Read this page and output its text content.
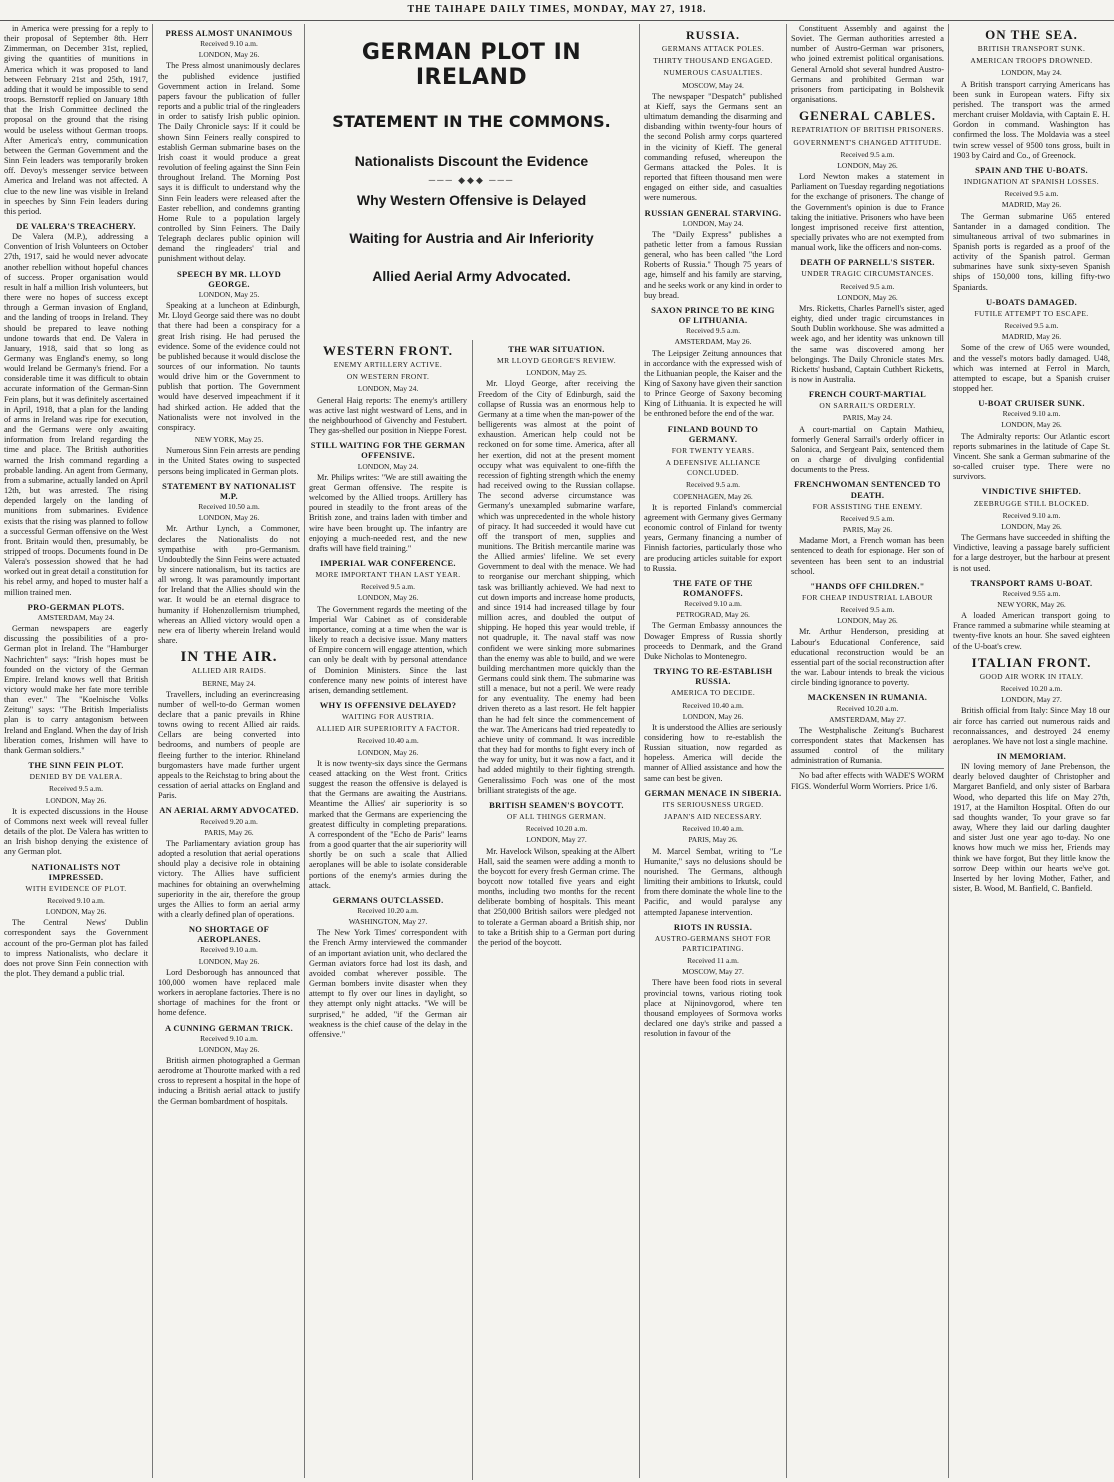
THE TAIHAPE DAILY TIMES, MONDAY, MAY 27, 1918.

in America were pressing for a reply to their proposal of September 8th. Herr Zimmerman, on December 31st, replied, giving the quantities of munitions in America which it was proposed to land between February 21st and 25th, 1917, adding that it would be impossible to send troops. Bernstorff replied on January 18th that the Irish Committee declined the proposal on the ground that the rising would be useless without German troops. After America's entry, communication between the German Government and the Sinn Fein leaders was temporarily broken off. Devoy's messenger service between America and Ireland was not affected. A clue to the new line was visible in Ireland in speeches by Sinn Fein leaders during this period.

DE VALERA'S TREACHERY.

De Valera (M.P.), addressing a Convention of Irish Volunteers on October 27th, 1917, said he would never advocate another rebellion without hopeful chances of success. Proper organisation would result in half a million Irish volunteers, but there were no hopes of success except through a German invasion of England, and the landing of troops in Ireland. They should be prepared to leave nothing undone towards that end. De Valera in January, 1918, said that so long as Germany was England's enemy, so long would Ireland be Germany's friend. For a considerable time it was difficult to obtain accurate information of the German-Sinn Fein plans, but it was definitely ascertained in April, 1918, that a plan for the landing of arms in Ireland was ripe for execution, and the Germans were only awaiting information from Ireland regarding the time and place. The British authorities warned the Irish command regarding a probable landing. An agent from Germany, from a submarine, actually landed on April 12th, but was arrested. The rising depended largely on the landing of munitions from submarines. Evidence exists that the rising was planned to follow a successful German offensive on the West front. Britain would then, presumably, be stripped of troops. Documents found in De Valera's possession showed that he had worked out in great detail a constitution for his rebel army, and hoped to muster half a million trained men.

PRO-GERMAN PLOTS.
AMSTERDAM, May 24.

German newspapers are eagerly discussing the possibilities of a pro-German plot in Ireland. The "Hamburger Nachrichten" says: "Irish hopes must be founded on the victory of the German Empire. Ireland knows well that British victory would make her fate more terrible than ever." The "Koelnische Volks Zeitung" says: "The British Imperialists plan is to carry antagonism between Ireland and England. When the day of Irish liberation comes, Irishmen will have to thank German soldiers."

THE SINN FEIN PLOT.
DENIED BY DE VALERA.
Received 9.5 a.m.
LONDON, May 26.

It is expected discussions in the House of Commons next week will reveal fuller details of the plot. De Valera has written to an Irish bishop denying the existence of any German plot.

NATIONALISTS NOT IMPRESSED.
WITH EVIDENCE OF PLOT.
Received 9.10 a.m.
LONDON, May 26.

The Central News' Dublin correspondent says the Government account of the pro-German plot has failed to impress Nationalists, who declare it does not prove Sinn Fein connection with the plot. They demand a public trial.

PRESS ALMOST UNANIMOUS
Received 9.10 a.m.
LONDON, May 26.

The Press almost unanimously declares the published evidence justified Government action in Ireland. Some papers favour the publication of fuller reports and a public trial of the ringleaders in order to satisfy Irish public opinion. The Daily Chronicle says: If it could be shown Sinn Feiners really conspired to establish German submarine bases on the Irish coast it would produce a great revolution of feeling against the Sinn Fein throughout Ireland. The Morning Post says it is difficult to understand why the Sinn Fein leaders were released after the Easter rebellion, and condemns granting Home Rule to a population largely controlled by Sinn Feiners. The Daily Telegraph declares public opinion will demand the ringleaders' trial and punishment without delay.

SPEECH BY MR. LLOYD GEORGE.
LONDON, May 25.

Speaking at a luncheon at Edinburgh, Mr. Lloyd George said there was no doubt that there had been a conspiracy for a great Irish rising. He had perused the evidence. Some of the evidence could not be published because it would disclose the sources of our information. No taunts would drive him or the Government to publish that portion. The Government would have deserved impeachment if it had shirked action. He added that the Nationalists were not involved in the conspiracy.

NEW YORK, May 25.

Numerous Sinn Fein arrests are pending in the United States owing to suspected persons being implicated in German plots.

STATEMENT BY NATIONALIST M.P.
Received 10.50 a.m.
LONDON, May 26.

Mr. Arthur Lynch, a Commoner, declares the Nationalists do not sympathise with pro-Germanism. Undoubtedly the Sinn Feins were actuated by sincere nationalism, but its tactics are all wrong. It was paramountly important for Ireland that the Allies should win the war. It would be an eternal disgrace to humanity if Hohenzollernism triumphed, whereas an Allied victory would open a new era of liberty wherein Ireland would share.

IN THE AIR.
ALLIED AIR RAIDS.
BERNE, May 24.

Travellers, including an everincreasing number of well-to-do German women declare that a panic prevails in Rhine towns owing to recent Allied air raids. Cellars are being converted into bedrooms, and numbers of people are fleeing further to the interior. Rhineland burgomasters have made further urgent appeals to the Reichstag to bring about the cessation of aerial attacks on England and Paris.

AN AERIAL ARMY ADVOCATED.
Received 9.20 a.m.
PARIS, May 26.

The Parliamentary aviation group has adopted a resolution that aerial operations should play a decisive role in obtaining victory. The Allies have sufficient machines for obtaining an overwhelming superiority in the air, therefore the group urges the Allies to form an aerial army with a clearly defined plan of operations.

NO SHORTAGE OF AEROPLANES.
Received 9.10 a.m.
LONDON, May 26.

Lord Desborough has announced that 100,000 women have replaced male workers in aeroplane factories. There is no shortage of machines for the front or home defence.

A CUNNING GERMAN TRICK.
Received 9.10 a.m.
LONDON, May 26.

British airmen photographed a German aerodrome at Thourotte marked with a red cross to represent a hospital in the hope of inducing a British aerial attack to justify the German bombardment of hospitals.

GERMAN PLOT IN IRELAND
STATEMENT IN THE COMMONS.
Nationalists Discount the Evidence
─── ◆◆◆ ───
Why Western Offensive is Delayed
Waiting for Austria and Air Inferiority
Allied Aerial Army Advocated.
WESTERN FRONT.
ENEMY ARTILLERY ACTIVE.
ON WESTERN FRONT.
LONDON, May 24.

General Haig reports: The enemy's artillery was active last night westward of Lens, and in the neighbourhood of Givenchy and Festubert. They gas-shelled our position in Nieppe Forest.

STILL WAITING FOR THE GERMAN OFFENSIVE.
LONDON, May 24.

Mr. Philips writes: "We are still awaiting the great German offensive. The respite is welcomed by the Allied troops. Artillery has poured in steadily to the front areas of the British zone, and trains laden with timber and wire have been brought up. The infantry are enjoying a much-needed rest, and the new drafts will have field training."

IMPERIAL WAR CONFERENCE.
MORE IMPORTANT THAN LAST YEAR.
Received 9.5 a.m.
LONDON, May 26.

The Government regards the meeting of the Imperial War Cabinet as of considerable importance, coming at a time when the war is likely to reach a decisive issue. Many matters of Empire concern will engage attention, which can only be dealt with by personal attendance of Dominion Ministers. Since the last conference many new points of interest have arisen, demanding settlement.

WHY IS OFFENSIVE DELAYED?
WAITING FOR AUSTRIA.
ALLIED AIR SUPERIORITY A FACTOR.
Received 10.40 a.m.
LONDON, May 26.

It is now twenty-six days since the Germans ceased attacking on the West front. Critics suggest the reason the offensive is delayed is that the Germans are awaiting the Austrians. Meantime the Allies' air superiority is so marked that the Germans are experiencing the greatest difficulty in completing preparations. A correspondent of the "Echo de Paris" learns from a good quarter that the air superiority will shortly be on such a scale that Allied aeroplanes will be able to isolate considerable portions of the enemy's armies during the attack.

GERMANS OUTCLASSED.
Received 10.20 a.m.
WASHINGTON, May 27.

The New York Times' correspondent with the French Army interviewed the commander of an important aviation unit, who declared the German aviators force had lost its dash, and avoided combat wherever possible. The German bombers invite disaster when they attempt to fly over our lines in daylight, so they attempt only night attacks. "We will be surprised," he added, "if the German air weakness is the chief cause of the delay in the offensive."

THE WAR SITUATION.
MR LLOYD GEORGE'S REVIEW.
LONDON, May 25.

Mr. Lloyd George, after receiving the Freedom of the City of Edinburgh, said the collapse of Russia was an enormous help to Germany at a time when the man-power of the belligerents was almost at the point of exhaustion. American help could not be reckoned on for some time. America, after all her exertion, did not at the present moment occupy what was equivalent to one-fifth the recession of fighting strength which the enemy had received owing to the Russian collapse. The second adverse circumstance was Germany's unexampled submarine warfare, which was unprecedented in the whole history of piracy. It had succeeded it would have cut off the transport of men, supplies and munitions. The British mercantile marine was the Allied armies' lifeline. We set every Government to deal with the menace. We had to reorganise our merchant shipping, which task was brilliantly achieved. We had next to cut down imports and increase home products, and since 1914 had increased tillage by four million acres, and doubled the output of shipping. He hoped this year would treble, if not quadruple, it. The naval staff was now confident we were sinking more submarines than the enemy was able to build, and we were building merchantmen more quickly than the Germans could sink them. The submarine was still a menace, but not a peril. We were ready for any eventuality. The enemy had been driven thereto as a last resort. He felt happier than he had felt since the commencement of the war. The Americans had tried repeatedly to achieve unity of command. It was incredible that they had for months to fight every inch of the way for unity, but it was now a fact, and it had added mightily to their fighting strength. Generalissimo Foch was one of the most brilliant strategists of the age.

BRITISH SEAMEN'S BOYCOTT.
OF ALL THINGS GERMAN.
Received 10.20 a.m.
LONDON, May 27.

Mr. Havelock Wilson, speaking at the Albert Hall, said the seamen were adding a month to the boycott for every fresh German crime. The boycott now totalled five years and eight months, including two months for the recent deliberate bombing of hospitals. This meant that 250,000 British sailors were pledged not to tolerate a German aboard a British ship, nor to take a British ship to a German port during the period of the boycott.

RUSSIA.
GERMANS ATTACK POLES.
THIRTY THOUSAND ENGAGED.
NUMEROUS CASUALTIES.
MOSCOW, May 24.

The newspaper "Despatch" published at Kieff, says the Germans sent an ultimatum demanding the disarming and disbanding within twenty-four hours of the second Polish army corps quartered in the vicinity of Kieff. The general commanding refused, whereupon the Germans attacked the Poles. It is reported that fifteen thousand men were engaged on either side, and casualties were numerous.

RUSSIAN GENERAL STARVING.
LONDON, May 24.

The "Daily Express" publishes a pathetic letter from a famous Russian general, who has been called "the Lord Roberts of Russia." Though 75 years of age, himself and his family are starving, and he seeks work or any kind in order to buy bread.

SAXON PRINCE TO BE KING OF LITHUANIA.
Received 9.5 a.m.
AMSTERDAM, May 26.

The Leipsiger Zeitung announces that in accordance with the expressed wish of the Lithuanian people, the Kaiser and the King of Saxony have given their sanction to Prince George of Saxony becoming King of Lithuania. It is expected he will be enthroned before the end of the war.

FINLAND BOUND TO GERMANY.
FOR TWENTY YEARS.
A DEFENSIVE ALLIANCE CONCLUDED.
Received 9.5 a.m.
COPENHAGEN, May 26.

It is reported Finland's commercial agreement with Germany gives Germany economic control of Finland for twenty years, Germany financing a number of Finnish factories, particularly those who are producing articles suitable for export to Russia.

THE FATE OF THE ROMANOFFS.
Received 9.10 a.m.
PETROGRAD, May 26.

The German Embassy announces the Dowager Empress of Russia shortly proceeds to Denmark, and the Grand Duke Nicholas to Montenegro.

TRYING TO RE-ESTABLISH RUSSIA.
AMERICA TO DECIDE.
Received 10.40 a.m.
LONDON, May 26.

It is understood the Allies are seriously considering how to re-establish the Russian situation, now regarded as hopeless. America will decide the manner of Allied assistance and how the same can best be given.

GERMAN MENACE IN SIBERIA.
ITS SERIOUSNESS URGED.
JAPAN'S AID NECESSARY.
Received 10.40 a.m.
PARIS, May 26.

M. Marcel Sembat, writing to "Le Humanite," says no delusions should be nourished. The Germans, although limiting their ambitions to Irkutsk, could from there dominate the whole line to the Pacific, and would paralyse any attempted Japanese intervention.

RIOTS IN RUSSIA.
AUSTRO-GERMANS SHOT FOR PARTICIPATING.
Received 11 a.m.
MOSCOW, May 27.

There have been food riots in several provincial towns, various rioting took place at Nijninovgorod, where ten thousand employees of Sormova works declared one day's strike and passed a resolution in favour of the

Constituent Assembly and against the Soviet. The German authorities arrested a number of Austro-German war prisoners, who joined extremist political organisations. General Arnold shot several hundred Austro-Germans and prohibited German war prisoners from participating in Bolshevik organisations.

GENERAL CABLES.
REPATRIATION OF BRITISH PRISONERS.
GOVERNMENT'S CHANGED ATTITUDE.
Received 9.5 a.m.
LONDON, May 26.

Lord Newton makes a statement in Parliament on Tuesday regarding negotiations for the exchange of prisoners. The change of the Government's opinion is due to France taking the initiative. Prisoners who have been longest imprisoned receive first attention, specially privates who are not exempted from manual work, like the officers and non-coms.

DEATH OF PARNELL'S SISTER.
UNDER TRAGIC CIRCUMSTANCES.
Received 9.5 a.m.
LONDON, May 26.

Mrs. Ricketts, Charles Parnell's sister, aged eighty, died under tragic circumstances in South Dublin workhouse. She was admitted a week ago, and her identity was unknown till the same was discovered among her belongings. The Daily Chronicle states Mrs. Ricketts' husband, Captain Cuthbert Ricketts, is now in Australia.

FRENCH COURT-MARTIAL
ON SARRAIL'S ORDERLY.
PARIS, May 24.

A court-martial on Captain Mathieu, formerly General Sarrail's orderly officer in Salonica, and Sergeant Paix, sentenced them on a charge of divulging confidential documents to the Press.

FRENCHWOMAN SENTENCED TO DEATH.
FOR ASSISTING THE ENEMY.
Received 9.5 a.m.
PARIS, May 26.

Madame Mort, a French woman has been sentenced to death for espionage. Her son of seventeen has been sent to an industrial school.

"HANDS OFF CHILDREN."
FOR CHEAP INDUSTRIAL LABOUR
Received 9.5 a.m.
LONDON, May 26.

Mr. Arthur Henderson, presiding at Labour's Educational Conference, said educational reconstruction would be an essential part of the social reconstruction after the war. Labour intends to break the vicious circle binding ignorance to poverty.

MACKENSEN IN RUMANIA.
Received 10.20 a.m.
AMSTERDAM, May 27.

The Westphalische Zeitung's Bucharest correspondent states that Mackensen has assumed control of the military administration of Rumania.

No bad after effects with WADE'S WORM FIGS. Wonderful Worm Worriers. Price 1/6.

ON THE SEA.
BRITISH TRANSPORT SUNK.
AMERICAN TROOPS DROWNED.
LONDON, May 24.

A British transport carrying Americans has been sunk in European waters. Fifty six perished. The transport was the armed merchant cruiser Moldavia, with Captain E. H. Gordon in command. Washington has confirmed the loss. The Moldavia was a steel twin screw vessel of 9500 tons gross, built in 1903 by Caird and Co., of Greenock.

SPAIN AND THE U-BOATS.
INDIGNATION AT SPANISH LOSSES.
Received 9.5 a.m.
MADRID, May 26.

The German submarine U65 entered Santander in a damaged condition. The simultaneous arrival of two submarines in Spanish ports is regarded as a proof of the activity of the Spanish patrol. German submarines have sunk sixty-seven Spanish ships of 150,000 tons, killing fifty-two Spaniards.

U-BOATS DAMAGED.
FUTILE ATTEMPT TO ESCAPE.
Received 9.5 a.m.
MADRID, May 26.

Some of the crew of U65 were wounded, and the vessel's motors badly damaged. U48, which was interned at Ferrol in March, attempted to escape, but a Spanish cruiser stopped her.

U-BOAT CRUISER SUNK.
Received 9.10 a.m.
LONDON, May 26.

The Admiralty reports: Our Atlantic escort reports submarines in the latitude of Cape St. Vincent. She sank a German submarine of the so-called cruiser type. There were no survivors.

VINDICTIVE SHIFTED.
ZEEBRUGGE STILL BLOCKED.
Received 9.10 a.m.
LONDON, May 26.

The Germans have succeeded in shifting the Vindictive, leaving a passage barely sufficient for a large destroyer, but the harbour at present is not used.

TRANSPORT RAMS U-BOAT.
Received 9.55 a.m.
NEW YORK, May 26.

A loaded American transport going to France rammed a submarine while steaming at twenty-five knots an hour. She saved eighteen of the U-boat's crew.

ITALIAN FRONT.
GOOD AIR WORK IN ITALY.
Received 10.20 a.m.
LONDON, May 27.

British official from Italy: Since May 18 our air force has carried out numerous raids and reconnaissances, and destroyed 24 enemy aeroplanes. We have not lost a single machine.

IN MEMORIAM.

IN loving memory of Jane Prebenson, the dearly beloved daughter of Christopher and Margaret Banfield, and only sister of Barbara Wood, who departed this life on May 27th, 1917, at the Hamilton Hospital. Often do our sad thoughts wander, To your grave so far away, Where they laid our darling daughter and sister Just one year ago to-day. No one knows how much we miss her, Friends may think we have forgot, But they little know the sorrow Deep within our hearts we've got. Inserted by her loving Mother, Father, and sister, B. Wood, M. Banfield, C. Banfield.
